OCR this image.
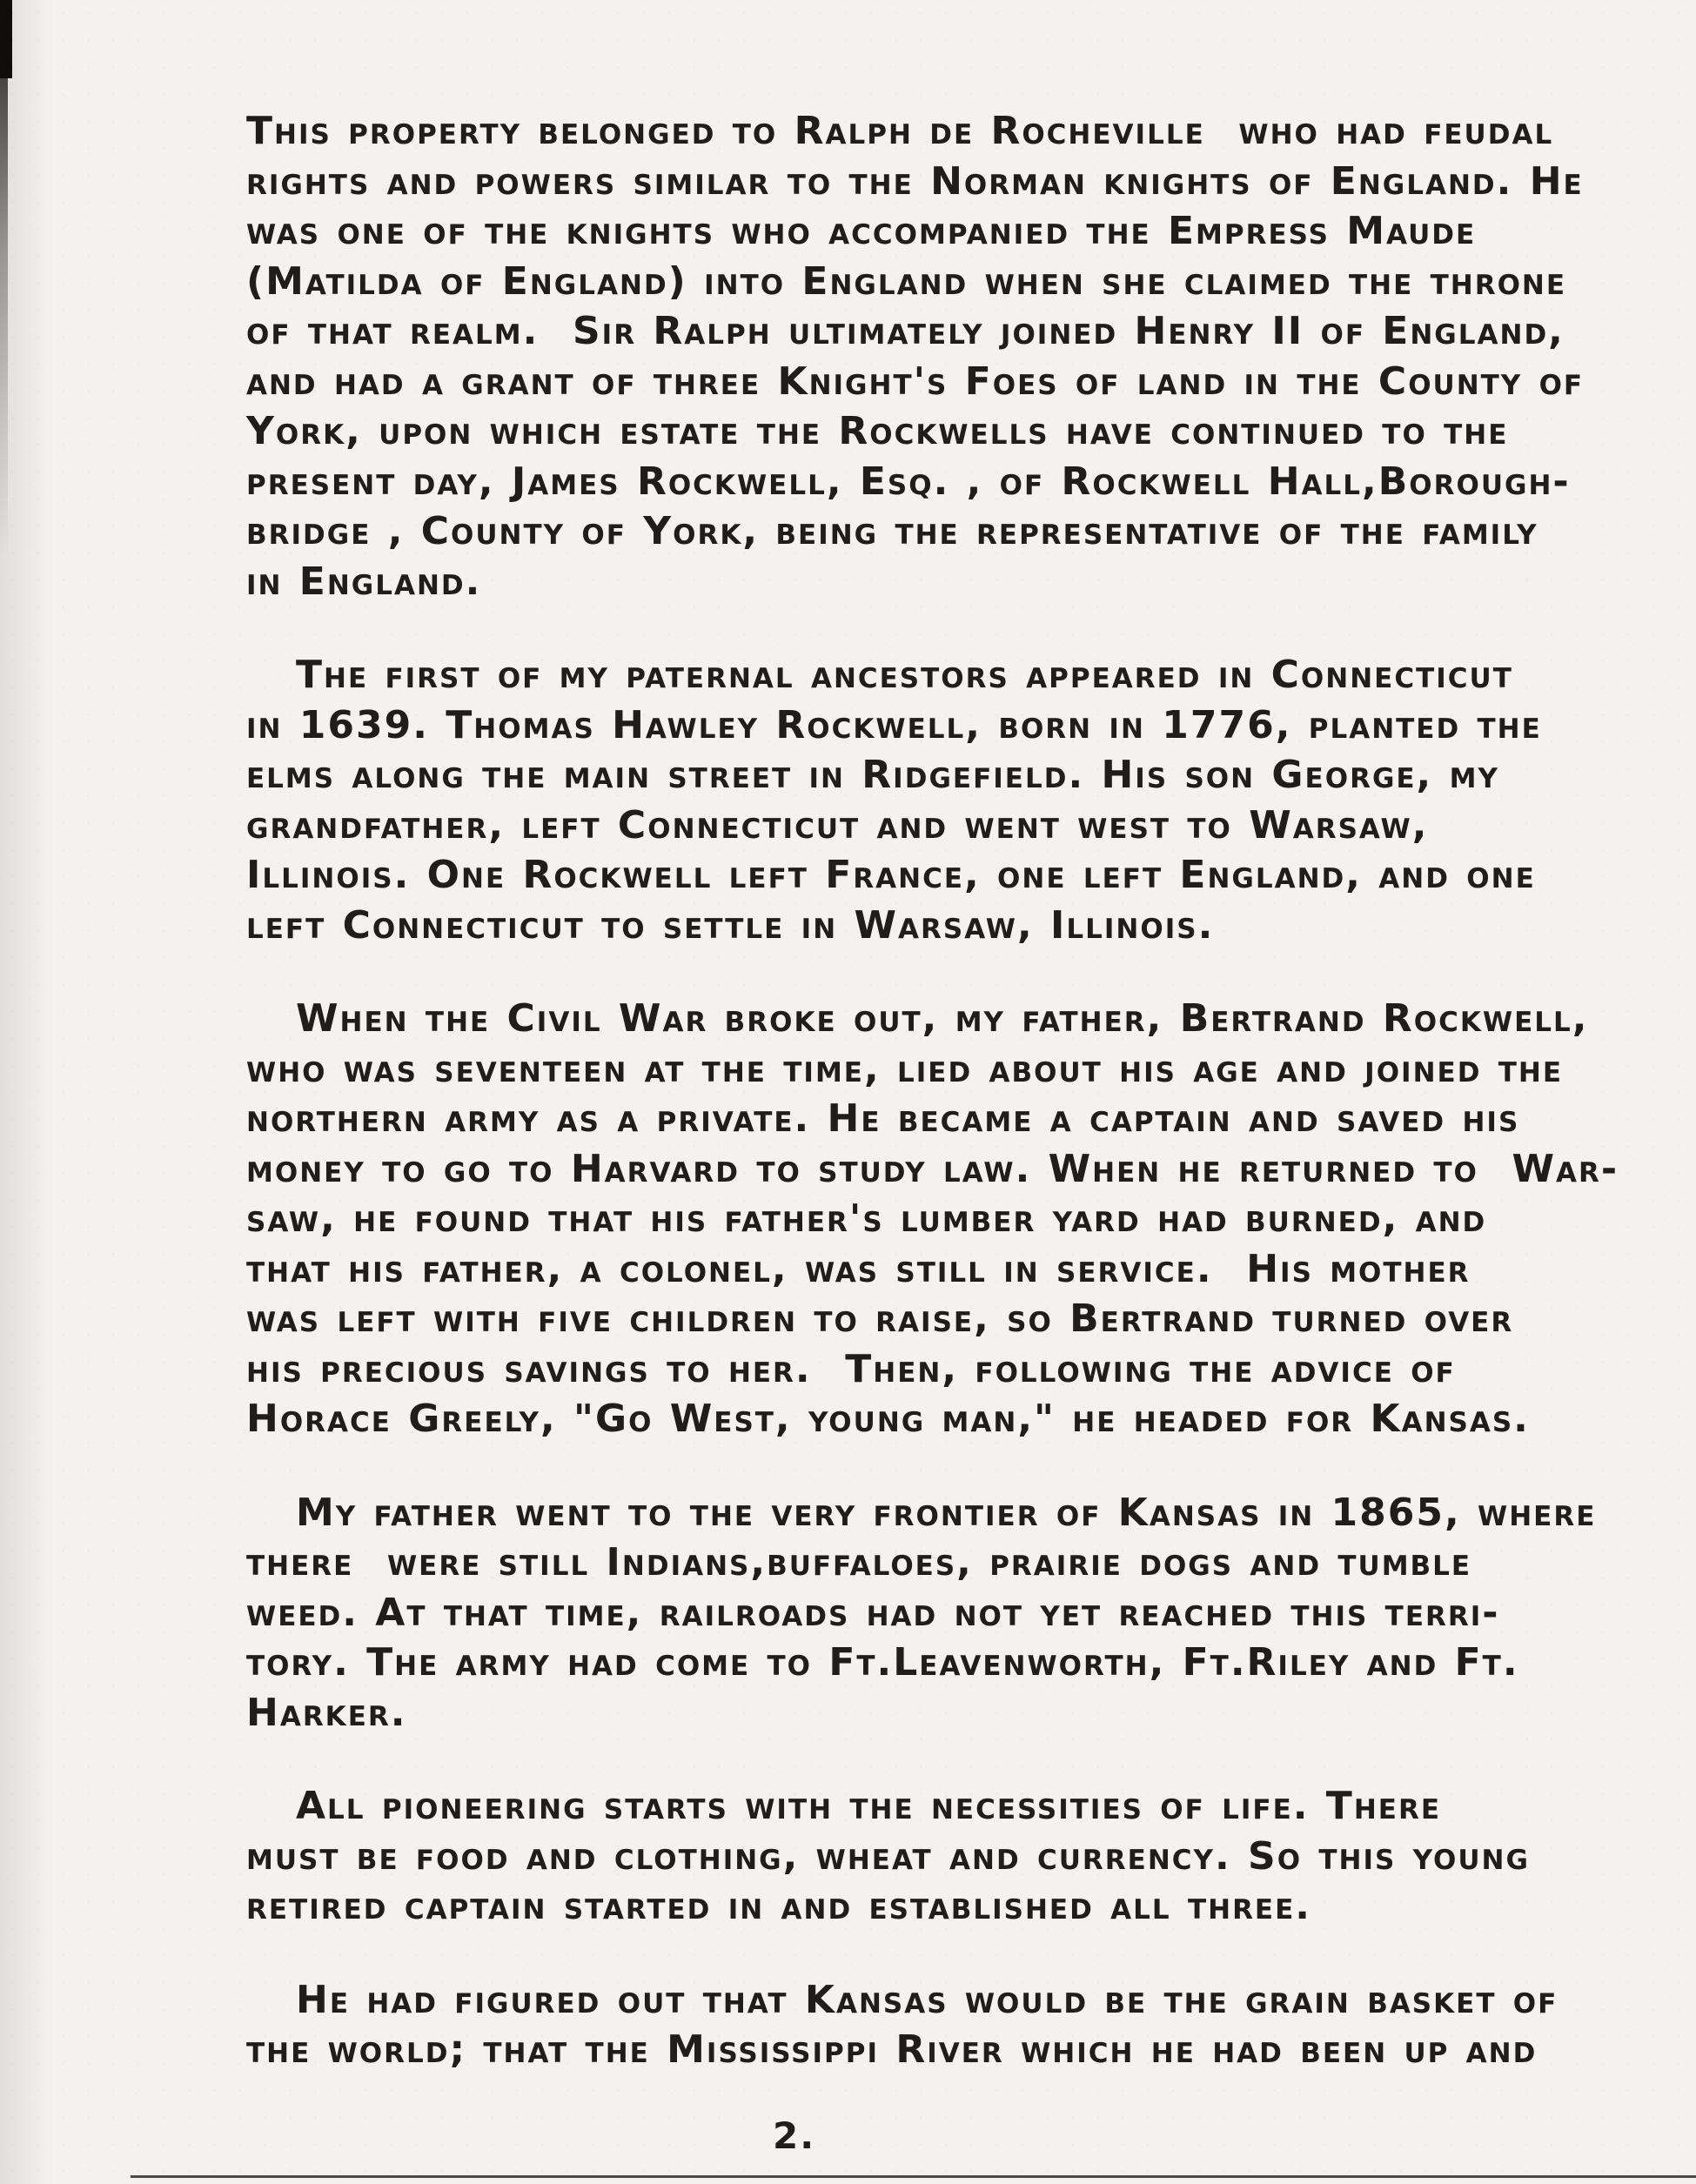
This property belonged to Ralph de Rocheville  who had feudal
rights and powers similar to the Norman knights of England. He
was one of the knights who accompanied the Empress Maude
(Matilda of England) into England when she claimed the throne
of that realm.  Sir Ralph ultimately joined Henry II of England,
and had a grant of three Knight's Foes of land in the County of
York, upon which estate the Rockwells have continued to the
present day, James Rockwell, Esq. , of Rockwell Hall,Borough-
bridge , County of York, being the representative of the family
in England.
The first of my paternal ancestors appeared in Connecticut
in 1639. Thomas Hawley Rockwell, born in 1776, planted the
elms along the main street in Ridgefield. His son George, my
grandfather, left Connecticut and went west to Warsaw,
Illinois. One Rockwell left France, one left England, and one
left Connecticut to settle in Warsaw, Illinois.
When the Civil War broke out, my father, Bertrand Rockwell,
who was seventeen at the time, lied about his age and joined the
northern army as a private. He became a captain and saved his
money to go to Harvard to study law. When he returned to  War-
saw, he found that his father's lumber yard had burned, and
that his father, a colonel, was still in service.  His mother
was left with five children to raise, so Bertrand turned over
his precious savings to her.  Then, following the advice of
Horace Greely, "Go West, young man," he headed for Kansas.
My father went to the very frontier of Kansas in 1865, where
there  were still Indians,buffaloes, prairie dogs and tumble
weed. At that time, railroads had not yet reached this terri-
tory. The army had come to Ft.Leavenworth, Ft.Riley and Ft.
Harker.
All pioneering starts with the necessities of life. There
must be food and clothing, wheat and currency. So this young
retired captain started in and established all three.
He had figured out that Kansas would be the grain basket of
the world; that the Mississippi River which he had been up and
2.
